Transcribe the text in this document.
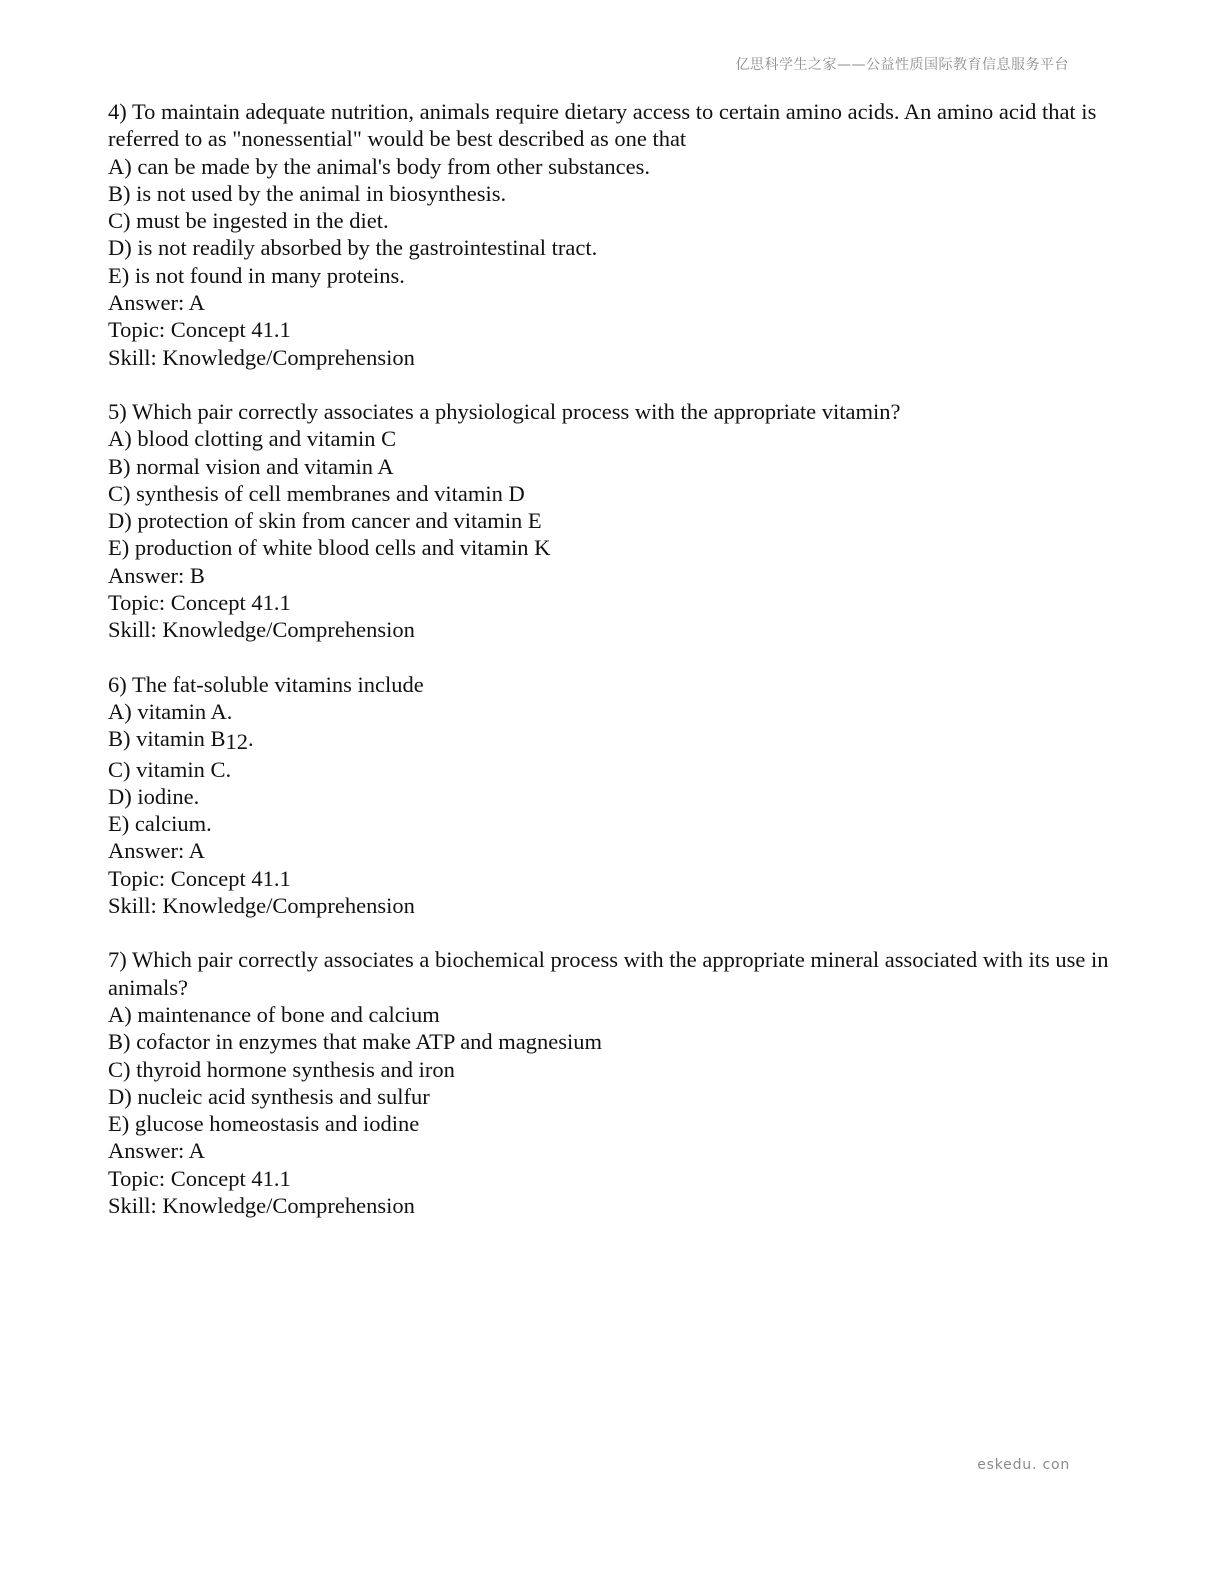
亿思科学生之家——公益性质国际教育信息服务平台
4) To maintain adequate nutrition, animals require dietary access to certain amino acids. An amino acid that is referred to as "nonessential" would be best described as one that
A) can be made by the animal's body from other substances.
B) is not used by the animal in biosynthesis.
C) must be ingested in the diet.
D) is not readily absorbed by the gastrointestinal tract.
E) is not found in many proteins.
Answer: A
Topic: Concept 41.1
Skill: Knowledge/Comprehension
5) Which pair correctly associates a physiological process with the appropriate vitamin?
A) blood clotting and vitamin C
B) normal vision and vitamin A
C) synthesis of cell membranes and vitamin D
D) protection of skin from cancer and vitamin E
E) production of white blood cells and vitamin K
Answer: B
Topic: Concept 41.1
Skill: Knowledge/Comprehension
6) The fat-soluble vitamins include
A) vitamin A.
B) vitamin B12.
C) vitamin C.
D) iodine.
E) calcium.
Answer: A
Topic: Concept 41.1
Skill: Knowledge/Comprehension
7) Which pair correctly associates a biochemical process with the appropriate mineral associated with its use in animals?
A) maintenance of bone and calcium
B) cofactor in enzymes that make ATP and magnesium
C) thyroid hormone synthesis and iron
D) nucleic acid synthesis and sulfur
E) glucose homeostasis and iodine
Answer: A
Topic: Concept 41.1
Skill: Knowledge/Comprehension
eskedu. con
